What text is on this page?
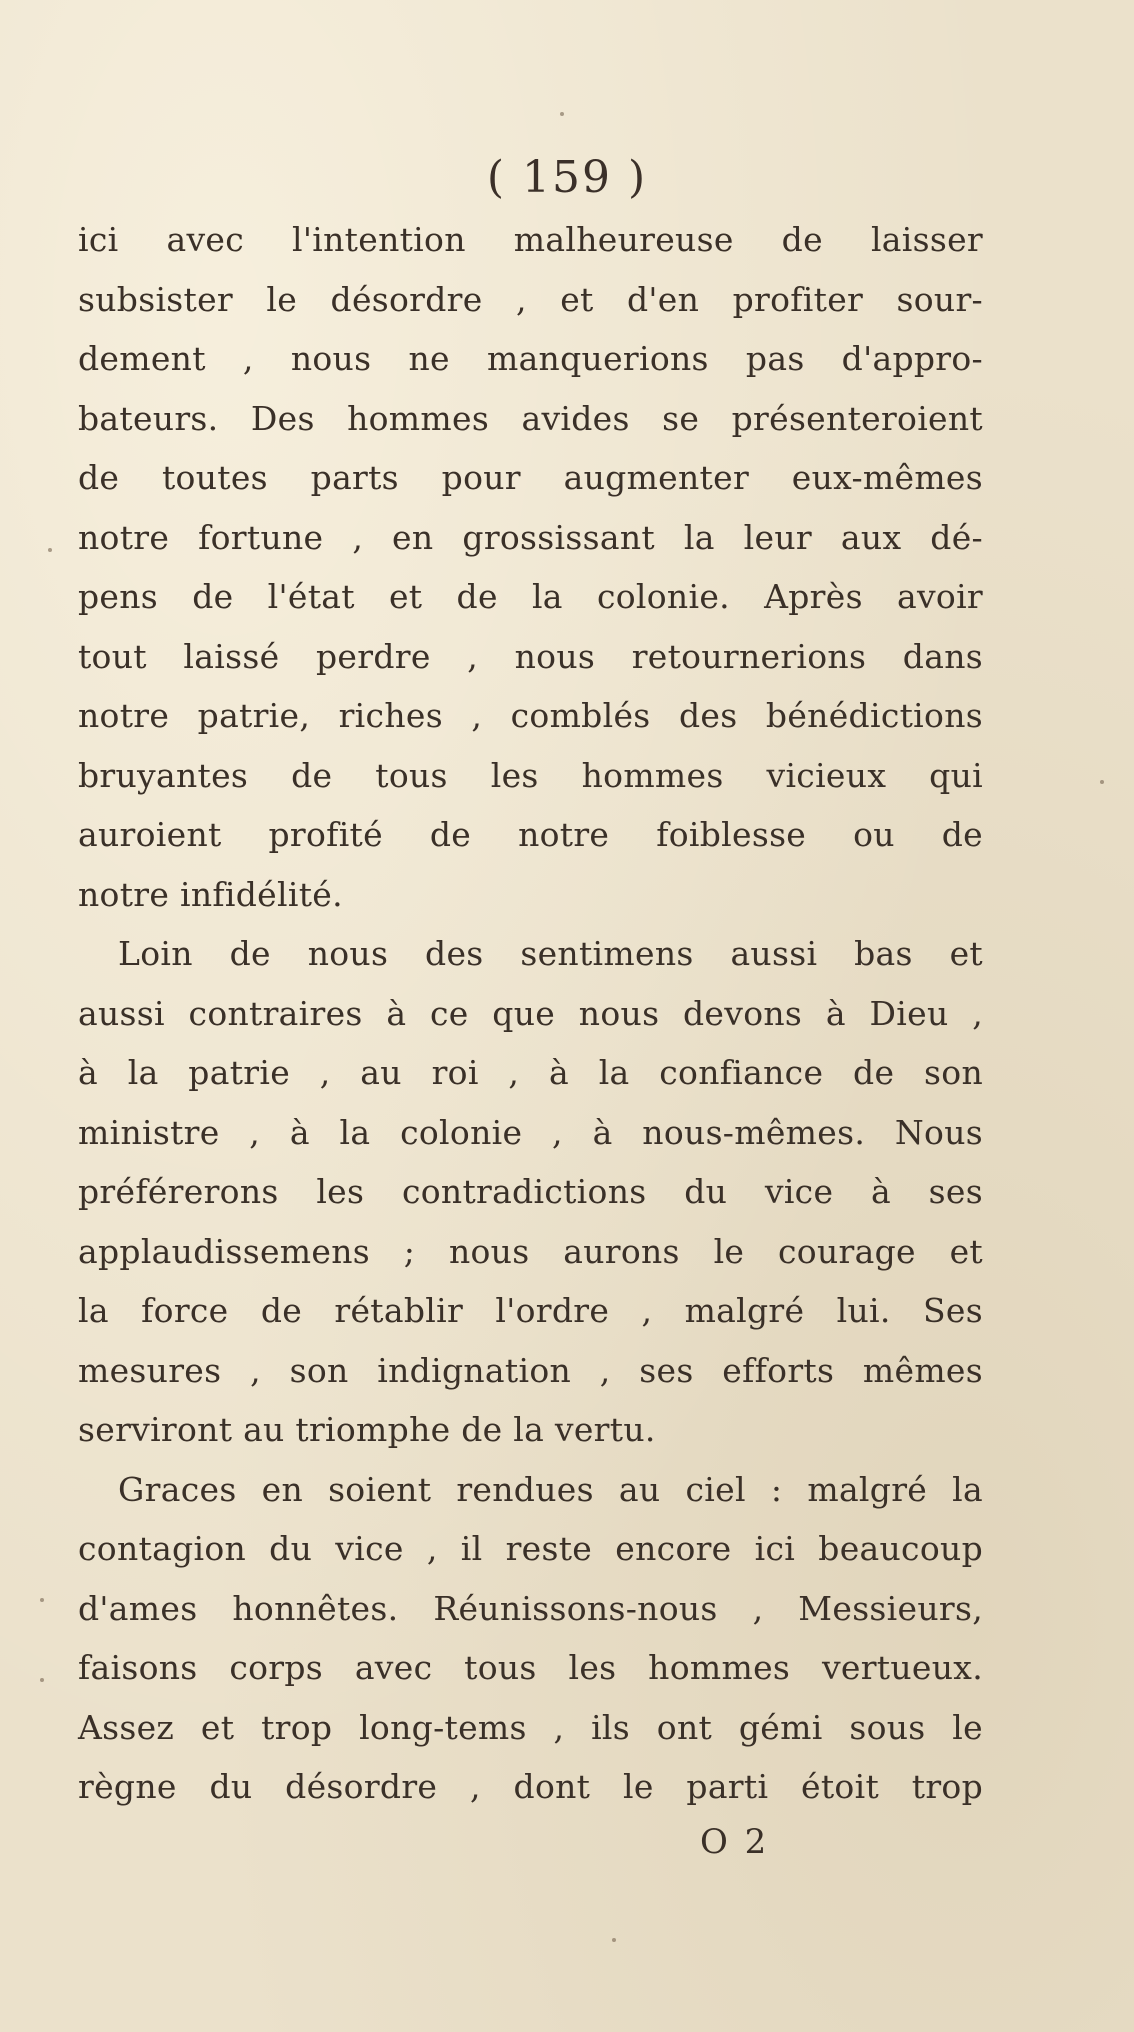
( 159 )
ici avec l'intention malheureuse de laisser
subsister le désordre , et d'en profiter sour-
dement , nous ne manquerions pas d'appro-
bateurs. Des hommes avides se présenteroient
de toutes parts pour augmenter eux-mêmes
notre fortune , en grossissant la leur aux dé-
pens de l'état et de la colonie. Après avoir
tout laissé perdre , nous retournerions dans
notre patrie, riches , comblés des bénédictions
bruyantes de tous les hommes vicieux qui
auroient profité de notre foiblesse ou de
notre infidélité.
Loin de nous des sentimens aussi bas et
aussi contraires à ce que nous devons à Dieu ,
à la patrie , au roi , à la confiance de son
ministre , à la colonie , à nous-mêmes. Nous
préférerons les contradictions du vice à ses
applaudissemens ; nous aurons le courage et
la force de rétablir l'ordre , malgré lui. Ses
mesures , son indignation , ses efforts mêmes
serviront au triomphe de la vertu.
Graces en soient rendues au ciel : malgré la
contagion du vice , il reste encore ici beaucoup
d'ames honnêtes. Réunissons-nous , Messieurs,
faisons corps avec tous les hommes vertueux.
Assez et trop long-tems , ils ont gémi sous le
règne du désordre , dont le parti étoit trop
O 2
